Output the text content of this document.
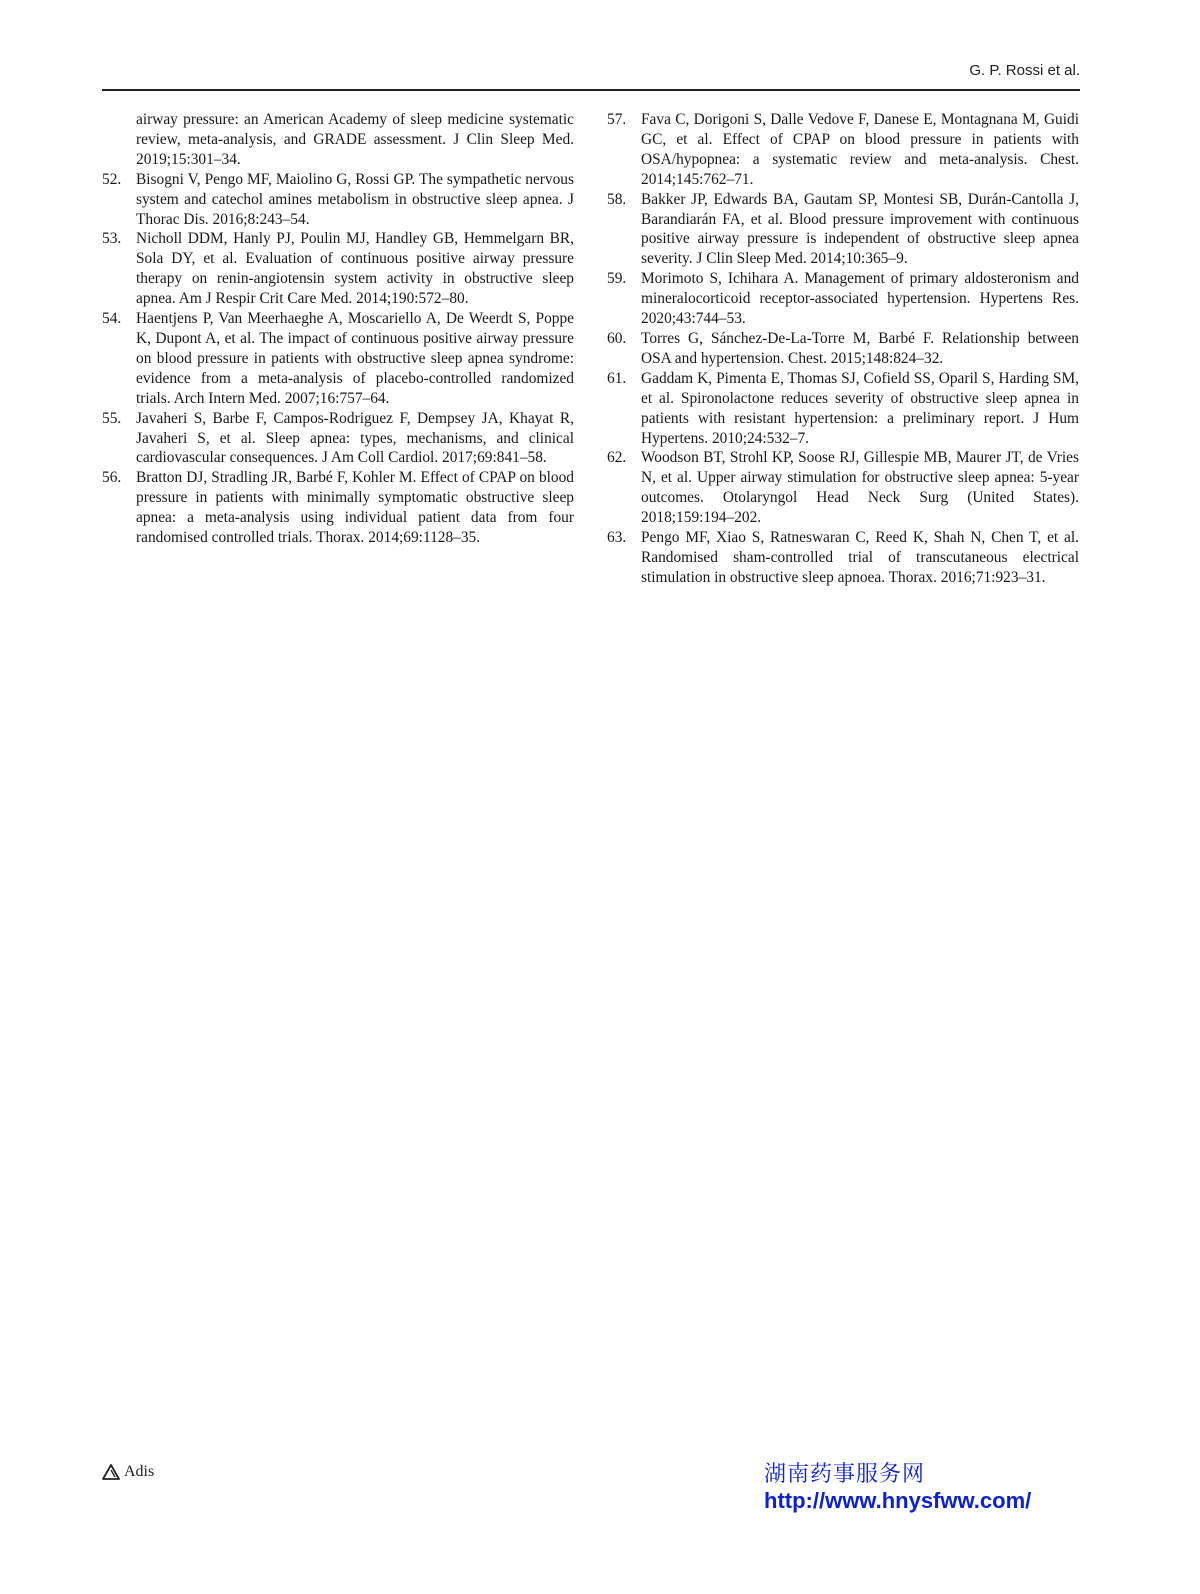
G. P. Rossi et al.
airway pressure: an American Academy of sleep medicine systematic review, meta-analysis, and GRADE assessment. J Clin Sleep Med. 2019;15:301–34.
52. Bisogni V, Pengo MF, Maiolino G, Rossi GP. The sympathetic nervous system and catechol amines metabolism in obstructive sleep apnea. J Thorac Dis. 2016;8:243–54.
53. Nicholl DDM, Hanly PJ, Poulin MJ, Handley GB, Hemmelgarn BR, Sola DY, et al. Evaluation of continuous positive airway pressure therapy on renin-angiotensin system activity in obstructive sleep apnea. Am J Respir Crit Care Med. 2014;190:572–80.
54. Haentjens P, Van Meerhaeghe A, Moscariello A, De Weerdt S, Poppe K, Dupont A, et al. The impact of continuous positive airway pressure on blood pressure in patients with obstructive sleep apnea syndrome: evidence from a meta-analysis of placebo-controlled randomized trials. Arch Intern Med. 2007;16:757–64.
55. Javaheri S, Barbe F, Campos-Rodriguez F, Dempsey JA, Khayat R, Javaheri S, et al. Sleep apnea: types, mechanisms, and clinical cardiovascular consequences. J Am Coll Cardiol. 2017;69:841–58.
56. Bratton DJ, Stradling JR, Barbé F, Kohler M. Effect of CPAP on blood pressure in patients with minimally symptomatic obstructive sleep apnea: a meta-analysis using individual patient data from four randomised controlled trials. Thorax. 2014;69:1128–35.
57. Fava C, Dorigoni S, Dalle Vedove F, Danese E, Montagnana M, Guidi GC, et al. Effect of CPAP on blood pressure in patients with OSA/hypopnea: a systematic review and meta-analysis. Chest. 2014;145:762–71.
58. Bakker JP, Edwards BA, Gautam SP, Montesi SB, Durán-Cantolla J, Barandiarán FA, et al. Blood pressure improvement with continuous positive airway pressure is independent of obstructive sleep apnea severity. J Clin Sleep Med. 2014;10:365–9.
59. Morimoto S, Ichihara A. Management of primary aldosteronism and mineralocorticoid receptor-associated hypertension. Hypertens Res. 2020;43:744–53.
60. Torres G, Sánchez-De-La-Torre M, Barbé F. Relationship between OSA and hypertension. Chest. 2015;148:824–32.
61. Gaddam K, Pimenta E, Thomas SJ, Cofield SS, Oparil S, Harding SM, et al. Spironolactone reduces severity of obstructive sleep apnea in patients with resistant hypertension: a preliminary report. J Hum Hypertens. 2010;24:532–7.
62. Woodson BT, Strohl KP, Soose RJ, Gillespie MB, Maurer JT, de Vries N, et al. Upper airway stimulation for obstructive sleep apnea: 5-year outcomes. Otolaryngol Head Neck Surg (United States). 2018;159:194–202.
63. Pengo MF, Xiao S, Ratneswaran C, Reed K, Shah N, Chen T, et al. Randomised sham-controlled trial of transcutaneous electrical stimulation in obstructive sleep apnoea. Thorax. 2016;71:923–31.
Adis	湖南药事服务网
http://www.hnysfww.com/
